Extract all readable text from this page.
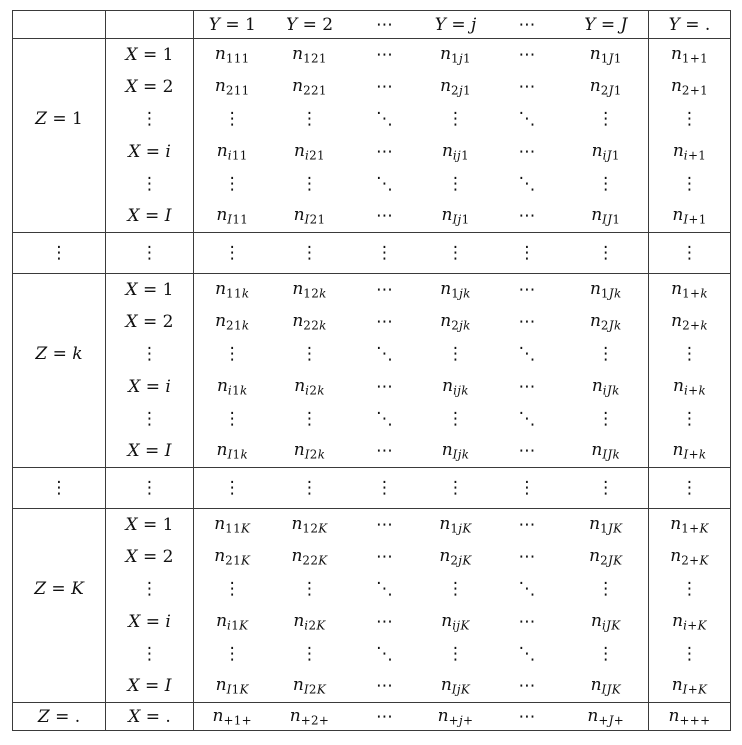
		Y = 1	Y = 2	⋯	Y = j	⋯	Y = J	Y = .
	X = 1	$n_{111}$	$n_{121}$	⋯	$n_{1j1}$	⋯	$n_{1J1}$	$n_{1+1}$
	X = 2	$n_{211}$	$n_{221}$	⋯	$n_{2j1}$	⋯	$n_{2J1}$	$n_{2+1}$
Z = 1	⋮	⋮	⋮	⋱	⋮	⋱	⋮	⋮
	X = i	$n_{i11}$	$n_{i21}$	⋯	$n_{ij1}$	⋯	$n_{iJ1}$	$n_{i+1}$
	⋮	⋮	⋮	⋱	⋮	⋱	⋮	⋮
	X = I	$n_{I11}$	$n_{I21}$	⋯	$n_{Ij1}$	⋯	$n_{IJ1}$	$n_{I+1}$
⋮	⋮	⋮	⋮	⋮	⋮	⋮	⋮	⋮
	X = 1	$n_{11k}$	$n_{12k}$	⋯	$n_{1jk}$	⋯	$n_{1Jk}$	$n_{1+k}$
	X = 2	$n_{21k}$	$n_{22k}$	⋯	$n_{2jk}$	⋯	$n_{2Jk}$	$n_{2+k}$
Z = k	⋮	⋮	⋮	⋱	⋮	⋱	⋮	⋮
	X = i	$n_{i1k}$	$n_{i2k}$	⋯	$n_{ijk}$	⋯	$n_{iJk}$	$n_{i+k}$
	⋮	⋮	⋮	⋱	⋮	⋱	⋮	⋮
	X = I	$n_{I1k}$	$n_{I2k}$	⋯	$n_{Ijk}$	⋯	$n_{IJk}$	$n_{I+k}$
⋮	⋮	⋮	⋮	⋮	⋮	⋮	⋮	⋮
	X = 1	$n_{11K}$	$n_{12K}$	⋯	$n_{1jK}$	⋯	$n_{1JK}$	$n_{1+K}$
	X = 2	$n_{21K}$	$n_{22K}$	⋯	$n_{2jK}$	⋯	$n_{2JK}$	$n_{2+K}$
Z = K	⋮	⋮	⋮	⋱	⋮	⋱	⋮	⋮
	X = i	$n_{i1K}$	$n_{i2K}$	⋯	$n_{ijK}$	⋯	$n_{iJK}$	$n_{i+K}$
	⋮	⋮	⋮	⋱	⋮	⋱	⋮	⋮
	X = I	$n_{I1K}$	$n_{I2K}$	⋯	$n_{IjK}$	⋯	$n_{IJK}$	$n_{I+K}$
Z = .	X = .	$n_{+1+}$	$n_{+2+}$	⋯	$n_{+j+}$	⋯	$n_{+J+}$	$n_{+++}$
